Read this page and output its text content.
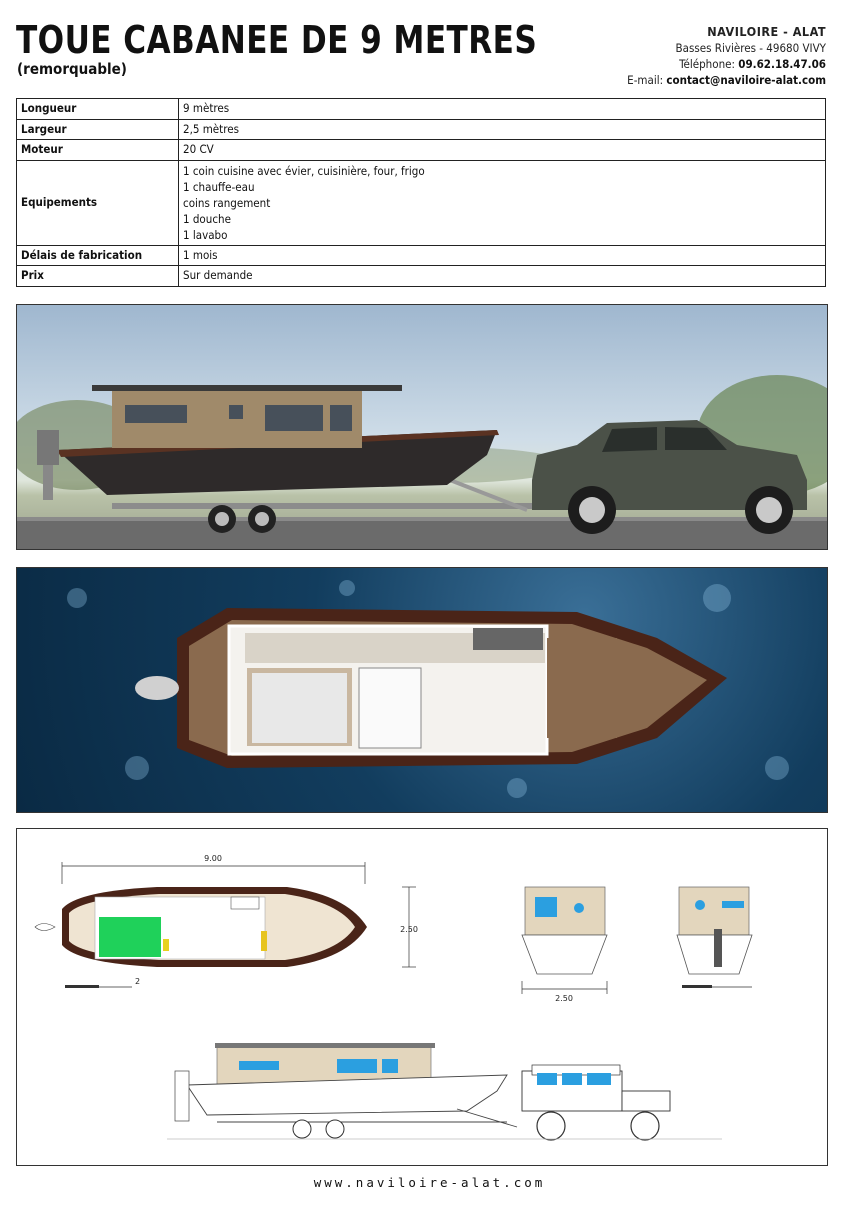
TOUE CABANEE DE 9 METRES
(remorquable)
NAVILOIRE - ALAT
Basses Rivières - 49680 VIVY
Téléphone: 09.62.18.47.06
E-mail: contact@naviloire-alat.com
Longueur	9 mètres
Largeur	2,5 mètres
Moteur	20 CV
Equipements	1 coin cuisine avec évier, cuisinière, four, frigo
1 chauffe-eau
coins rangement
1 douche
1 lavabo

Délais de fabrication	1 mois
Prix	Sur demande
9.00
2.50
2
2.50
www.naviloire-alat.com
